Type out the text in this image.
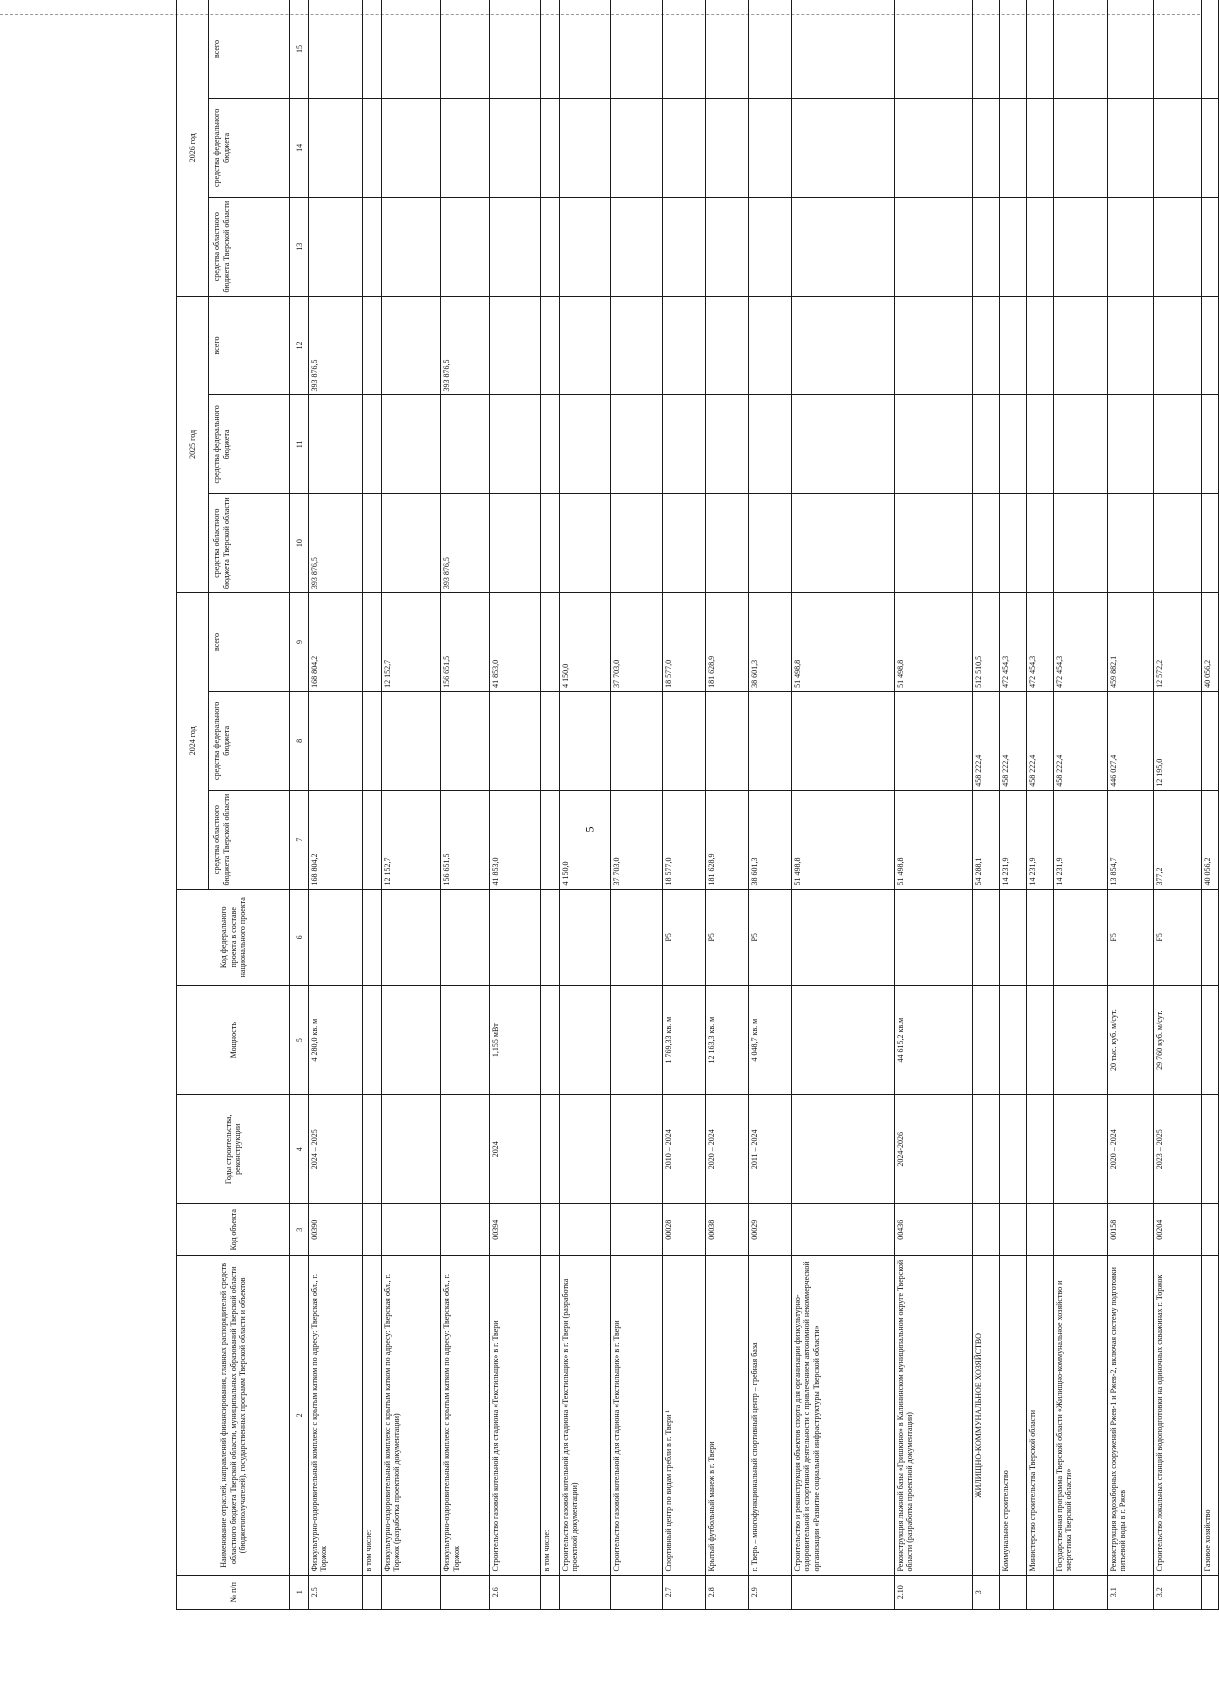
5
№ п/п	Наименование отраслей, направлений финансирования, главных распорядителей средств областного бюджета Тверской области, муниципальных образований Тверской области (бюджетополучателей), государственных программ Тверской области и объектов	Код объекта	Годы строительства, реконструкции	Мощность	Код федерального проекта в составе национального проекта	2024 год			2025 год			2026 год		
						средства областного бюджета Тверской области	средства федерального бюджета	всего	средства областного бюджета Тверской области	средства федерального бюджета	всего	средства областного бюджета Тверской области	средства федерального бюджета	всего
1	2	3	4	5	6	7	8	9	10	11	12	13	14	15
2.5	Физкультурно-оздоровительный комплекс с крытым катком по адресу: Тверская обл., г. Торжок	00390	2024 – 2025	4 280,0 кв. м		168 804,2		168 804,2	393 876,5		393 876,5			
	в том числе:													
	Физкультурно-оздоровительный комплекс с крытым катком по адресу: Тверская обл., г. Торжок (разработка проектной документации)					12 152,7		12 152,7						
	Физкультурно-оздоровительный комплекс с крытым катком по адресу: Тверская обл., г. Торжок					156 651,5		156 651,5	393 876,5		393 876,5			
2.6	Строительство газовой котельной для стадиона «Текстильщик» в г. Твери	00394	2024	1,155 мВт		41 853,0		41 853,0						
	в том числе:													
	Строительство газовой котельной для стадиона «Текстильщик» в г. Твери (разработка проектной документации)					4 150,0		4 150,0						
	Строительство газовой котельной для стадиона «Текстильщик» в г. Твери					37 703,0		37 703,0						
2.7	Спортивный центр по видам гребли в г. Твери ¹	00028	2010 – 2024	1 769,33 кв. м	P5	18 577,0		18 577,0						
2.8	Крытый футбольный манеж в г. Твери	00038	2020 – 2024	12 163,3 кв. м	P5	181 628,9		181 628,9						
2.9	г. Тверь – многофункциональный спортивный центр – гребная база	00029	2011 – 2024	4 048,7 кв. м	P5	38 601,3		38 601,3						
	Строительство и реконструкция объектов спорта для организации физкультурно-оздоровительной и спортивной деятельности с привлечением автономной некоммерческой организации «Развитие социальной инфраструктуры Тверской области»					51 498,8		51 498,8						
2.10	Реконструкция лыжной базы «Гришкино» в Калининском муниципальном округе Тверской области (разработка проектной документации)	00436	2024-2026	44 615,2 кв.м		51 498,8		51 498,8						
3	ЖИЛИЩНО-КОММУНАЛЬНОЕ ХОЗЯЙСТВО					54 288,1	458 222,4	512 510,5						
	Коммунальное строительство					14 231,9	458 222,4	472 454,3						
	Министерство строительства Тверской области					14 231,9	458 222,4	472 454,3						
	Государственная программа Тверской области «Жилищно-коммунальное хозяйство и энергетика Тверской области»					14 231,9	458 222,4	472 454,3						
3.1	Реконструкция водозаборных сооружений Ржев-1 и Ржев-2, включая систему подготовки питьевой воды в г. Ржев	00158	2020 – 2024	20 тыс. куб. м/сут.	F5	13 854,7	446 027,4	459 882,1						
3.2	Строительство локальных станций водоподготовки на одиночных скважинах г. Торжок	00204	2023 – 2025	29 760 куб. м/сут.	F5	377,2	12 195,0	12 572,2						
	Газовое хозяйство					40 056,2		40 056,2						
